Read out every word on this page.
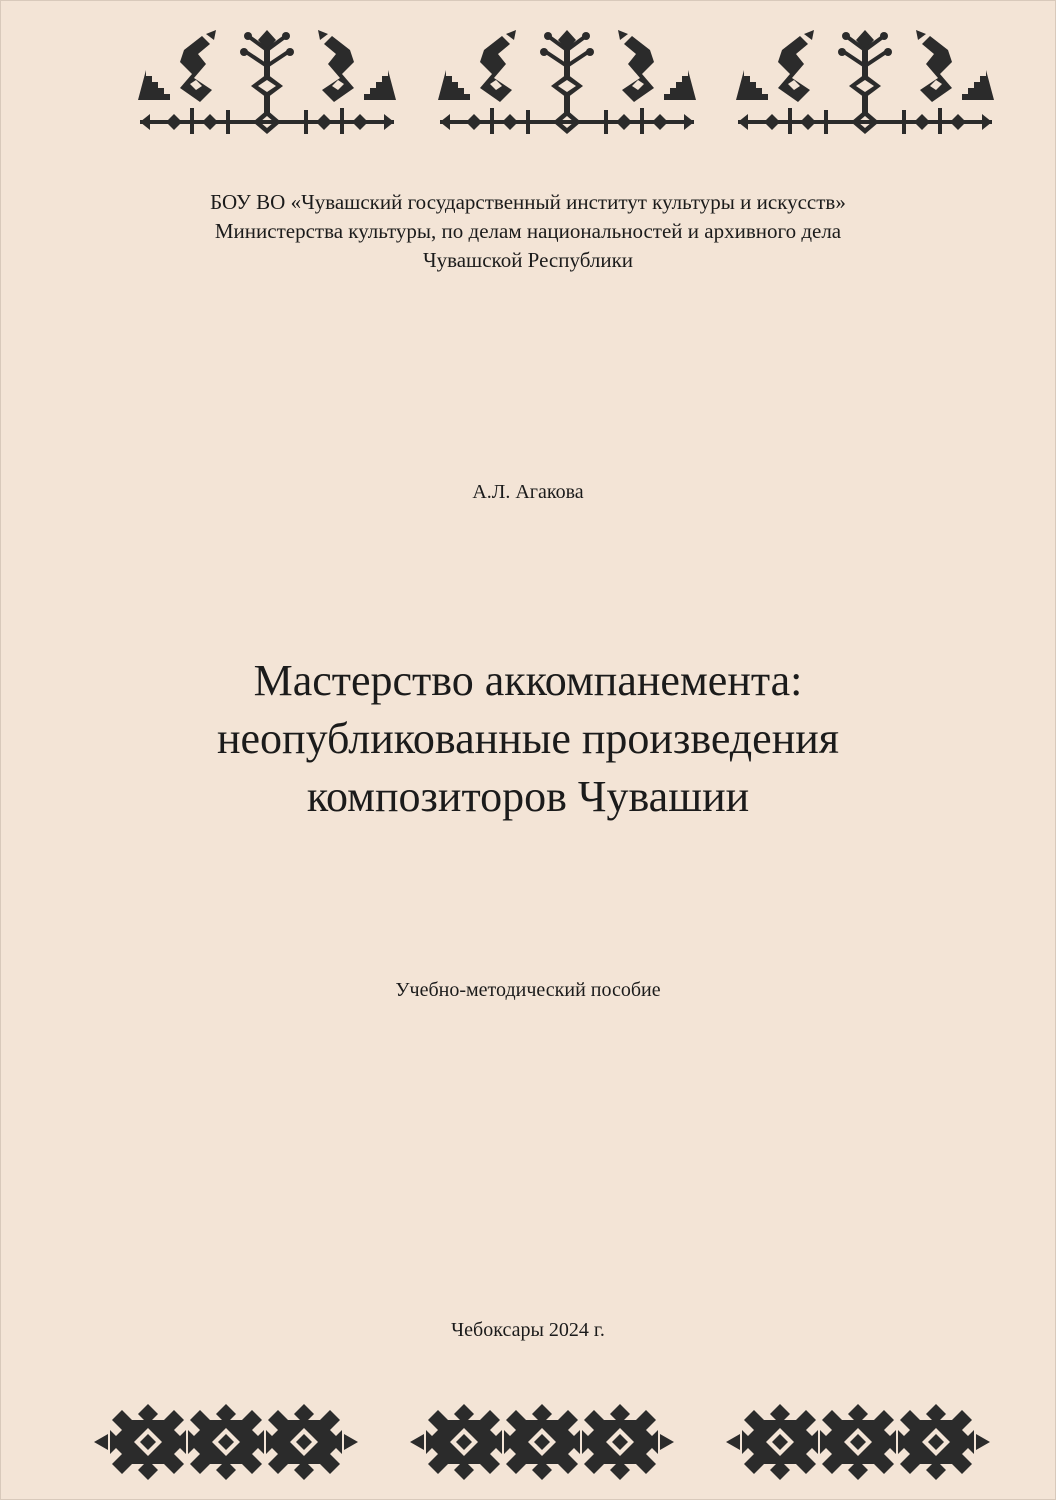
БОУ ВО «Чувашский государственный институт культуры и искусств»
Министерства культуры, по делам национальностей и архивного дела
Чувашской Республики
А.Л. Агакова
Мастерство аккомпанемента:
неопубликованные произведения
композиторов Чувашии
Учебно-методический пособие
Чебоксары 2024 г.
